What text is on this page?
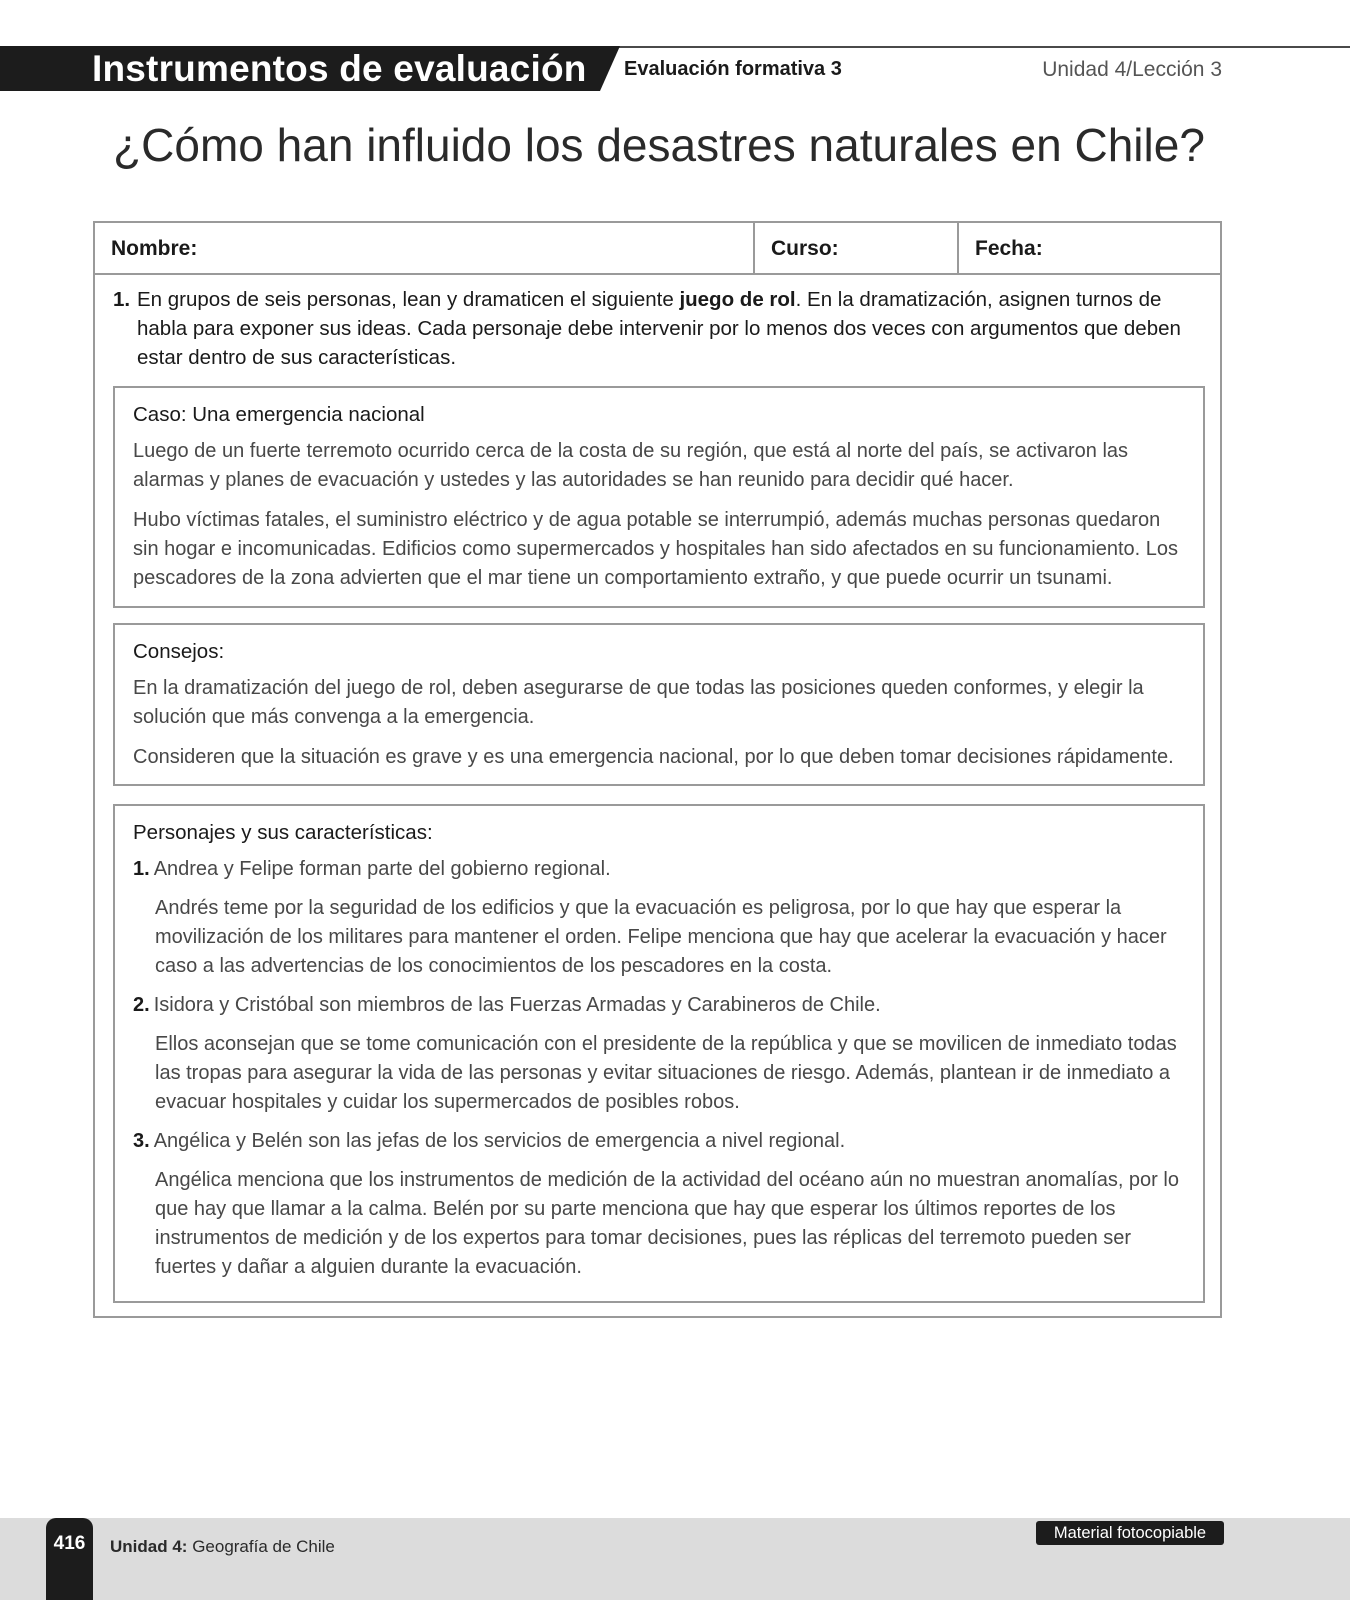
Instrumentos de evaluación Evaluación formativa 3	Unidad 4/Lección 3
¿Cómo han influido los desastres naturales en Chile?
Nombre:	Curso:	Fecha:
1. En grupos de seis personas, lean y dramaticen el siguiente juego de rol. En la dramatización, asignen turnos de habla para exponer sus ideas. Cada personaje debe intervenir por lo menos dos veces con argumentos que deben estar dentro de sus características.
Caso: Una emergencia nacional

Luego de un fuerte terremoto ocurrido cerca de la costa de su región, que está al norte del país, se activaron las alarmas y planes de evacuación y ustedes y las autoridades se han reunido para decidir qué hacer.

Hubo víctimas fatales, el suministro eléctrico y de agua potable se interrumpió, además muchas personas quedaron sin hogar e incomunicadas. Edificios como supermercados y hospitales han sido afectados en su funcionamiento. Los pescadores de la zona advierten que el mar tiene un comportamiento extraño, y que puede ocurrir un tsunami.

Consejos:

En la dramatización del juego de rol, deben asegurarse de que todas las posiciones queden conformes, y elegir la solución que más convenga a la emergencia.

Consideren que la situación es grave y es una emergencia nacional, por lo que deben tomar decisiones rápidamente.

Personajes y sus características:
1. Andrea y Felipe forman parte del gobierno regional.
Andrés teme por la seguridad de los edificios y que la evacuación es peligrosa, por lo que hay que esperar la movilización de los militares para mantener el orden. Felipe menciona que hay que acelerar la evacuación y hacer caso a las advertencias de los conocimientos de los pescadores en la costa.
2. Isidora y Cristóbal son miembros de las Fuerzas Armadas y Carabineros de Chile.
Ellos aconsejan que se tome comunicación con el presidente de la república y que se movilicen de inmediato todas las tropas para asegurar la vida de las personas y evitar situaciones de riesgo. Además, plantean ir de inmediato a evacuar hospitales y cuidar los supermercados de posibles robos.
3. Angélica y Belén son las jefas de los servicios de emergencia a nivel regional.
Angélica menciona que los instrumentos de medición de la actividad del océano aún no muestran anomalías, por lo que hay que llamar a la calma. Belén por su parte menciona que hay que esperar los últimos reportes de los instrumentos de medición y de los expertos para tomar decisiones, pues las réplicas del terremoto pueden ser fuertes y dañar a alguien durante la evacuación.
416	Unidad 4: Geografía de Chile
Material fotocopiable
